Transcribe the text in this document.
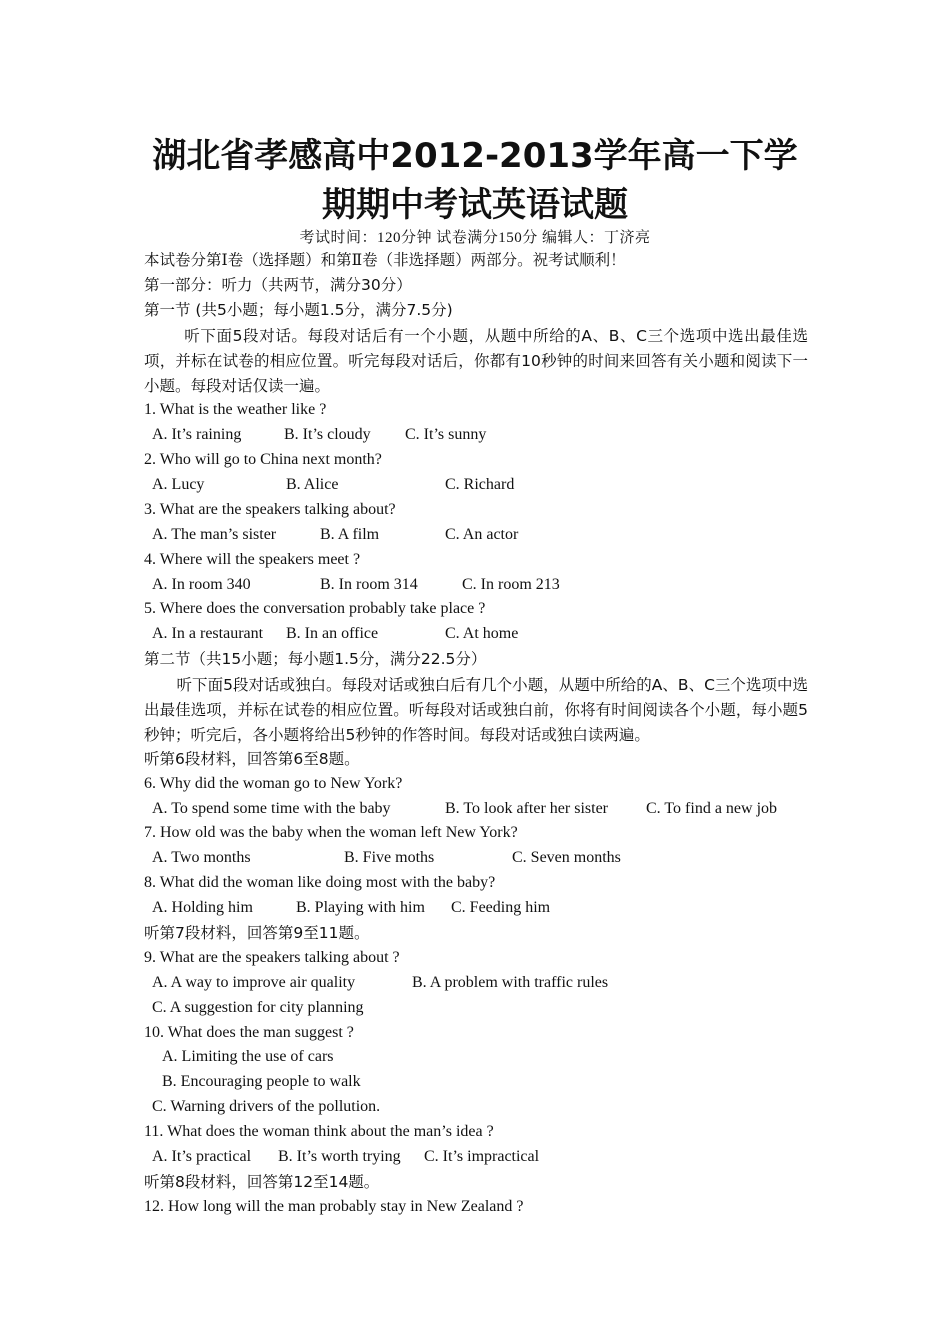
湖北省孝感高中2012-2013学年高一下学
期期中考试英语试题
考试时间：120分钟 试卷满分150分 编辑人：丁济亮
本试卷分第Ⅰ卷（选择题）和第Ⅱ卷（非选择题）两部分。祝考试顺利！
第一部分：听力（共两节，满分30分）
第一节 (共5小题；每小题1.5分，满分7.5分)
听下面5段对话。每段对话后有一个小题，从题中所给的A、B、C三个选项中选出最佳选项，并标在试卷的相应位置。听完每段对话后，你都有10秒钟的时间来回答有关小题和阅读下一小题。每段对话仅读一遍。
1. What is the weather like ?
A. It’s raining	B. It’s cloudy C. It’s sunny
2. Who will go to China next month?
A. Lucy	B. Alice	C. Richard
3. What are the speakers talking about?
A. The man’s sister	B. A film	C. An actor
4. Where will the speakers meet ?
A. In room 340	B. In room 314	C. In room 213
5. Where does the conversation probably take place ?
A. In a restaurant B. In an office	C. At home
第二节（共15小题；每小题1.5分，满分22.5分）
听下面5段对话或独白。每段对话或独白后有几个小题，从题中所给的A、B、C三个选项中选出最佳选项，并标在试卷的相应位置。听每段对话或独白前，你将有时间阅读各个小题，每小题5秒钟；听完后，各小题将给出5秒钟的作答时间。每段对话或独白读两遍。
听第6段材料，回答第6至8题。
6. Why did the woman go to New York?
A. To spend some time with the baby	B. To look after her sister C. To find a new job
7. How old was the baby when the woman left New York?
A. Two months	B. Five moths	C. Seven months
8. What did the woman like doing most with the baby?
A. Holding him	B. Playing with him C. Feeding him
听第7段材料，回答第9至11题。
9. What are the speakers talking about ?
A. A way to improve air quality	B. A problem with traffic rules
C. A suggestion for city planning
10. What does the man suggest ?
A. Limiting the use of cars
B. Encouraging people to walk
C. Warning drivers of the pollution.
11. What does the woman think about the man’s idea ?
A. It’s practical B. It’s worth trying C. It’s impractical
听第8段材料，回答第12至14题。
12. How long will the man probably stay in New Zealand ?
